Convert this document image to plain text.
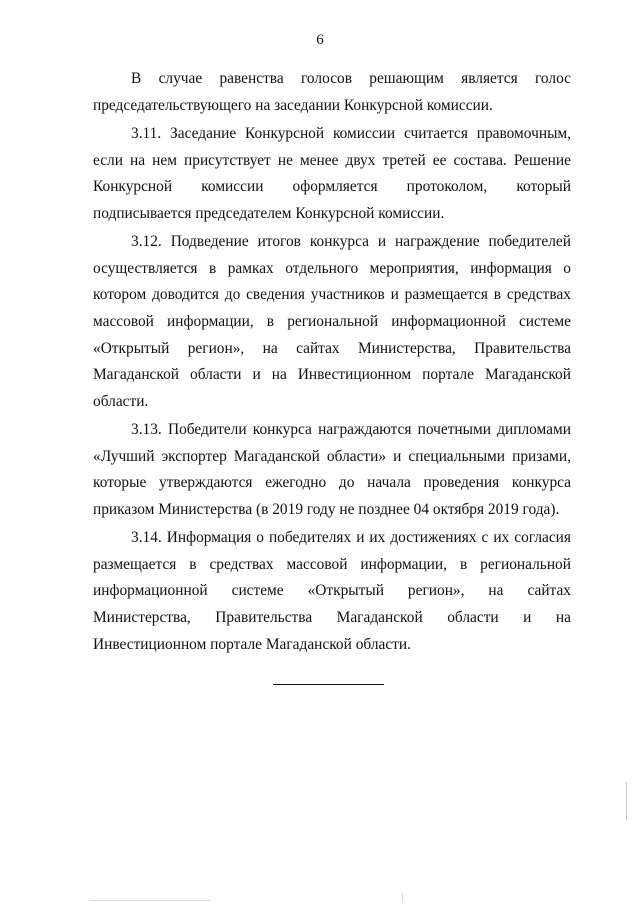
6

В случае равенства голосов решающим является голос председательствующего на заседании Конкурсной комиссии.

3.11. Заседание Конкурсной комиссии считается правомочным, если на нем присутствует не менее двух третей ее состава. Решение Конкурсной комиссии оформляется протоколом, который подписывается председателем Конкурсной комиссии.

3.12. Подведение итогов конкурса и награждение победителей осуществляется в рамках отдельного мероприятия, информация о котором доводится до сведения участников и размещается в средствах массовой информации, в региональной информационной системе «Открытый регион», на сайтах Министерства, Правительства Магаданской области и на Инвестиционном портале Магаданской области.

3.13. Победители конкурса награждаются почетными дипломами «Лучший экспортер Магаданской области» и специальными призами, которые утверждаются ежегодно до начала проведения конкурса приказом Министерства (в 2019 году не позднее 04 октября 2019 года).

3.14. Информация о победителях и их достижениях с их согласия размещается в средствах массовой информации, в региональной информационной системе «Открытый регион», на сайтах Министерства, Правительства Магаданской области и на Инвестиционном портале Магаданской области.
